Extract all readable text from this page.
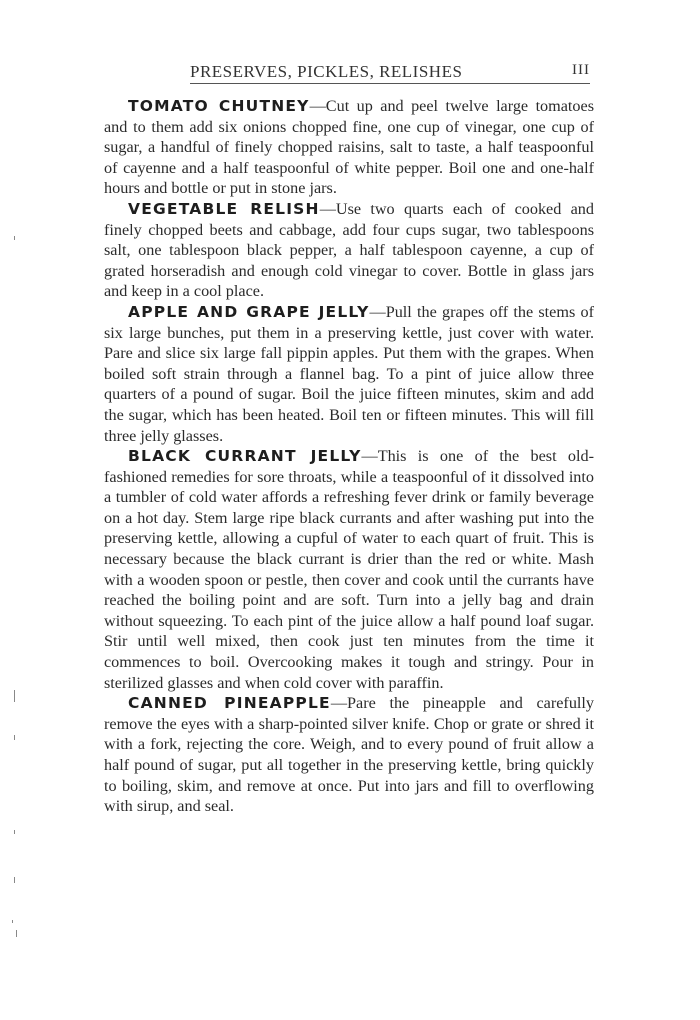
PRESERVES, PICKLES, RELISHES	III

TOMATO CHUTNEY—Cut up and peel twelve large tomatoes and to them add six onions chopped fine, one cup of vinegar, one cup of sugar, a handful of finely chopped raisins, salt to taste, a half teaspoonful of cayenne and a half teaspoonful of white pepper. Boil one and one-half hours and bottle or put in stone jars.

VEGETABLE RELISH—Use two quarts each of cooked and finely chopped beets and cabbage, add four cups sugar, two tablespoons salt, one tablespoon black pepper, a half tablespoon cayenne, a cup of grated horseradish and enough cold vinegar to cover. Bottle in glass jars and keep in a cool place.

APPLE AND GRAPE JELLY—Pull the grapes off the stems of six large bunches, put them in a preserving kettle, just cover with water. Pare and slice six large fall pippin apples. Put them with the grapes. When boiled soft strain through a flannel bag. To a pint of juice allow three quarters of a pound of sugar. Boil the juice fifteen minutes, skim and add the sugar, which has been heated. Boil ten or fifteen minutes. This will fill three jelly glasses.

BLACK CURRANT JELLY—This is one of the best old-fashioned remedies for sore throats, while a teaspoonful of it dissolved into a tumbler of cold water affords a refreshing fever drink or family beverage on a hot day. Stem large ripe black currants and after washing put into the preserving kettle, allowing a cupful of water to each quart of fruit. This is necessary because the black currant is drier than the red or white. Mash with a wooden spoon or pestle, then cover and cook until the currants have reached the boiling point and are soft. Turn into a jelly bag and drain without squeezing. To each pint of the juice allow a half pound loaf sugar. Stir until well mixed, then cook just ten minutes from the time it commences to boil. Overcooking makes it tough and stringy. Pour in sterilized glasses and when cold cover with paraffin.

CANNED PINEAPPLE—Pare the pineapple and carefully remove the eyes with a sharp-pointed silver knife. Chop or grate or shred it with a fork, rejecting the core. Weigh, and to every pound of fruit allow a half pound of sugar, put all together in the preserving kettle, bring quickly to boiling, skim, and remove at once. Put into jars and fill to overflowing with sirup, and seal.
